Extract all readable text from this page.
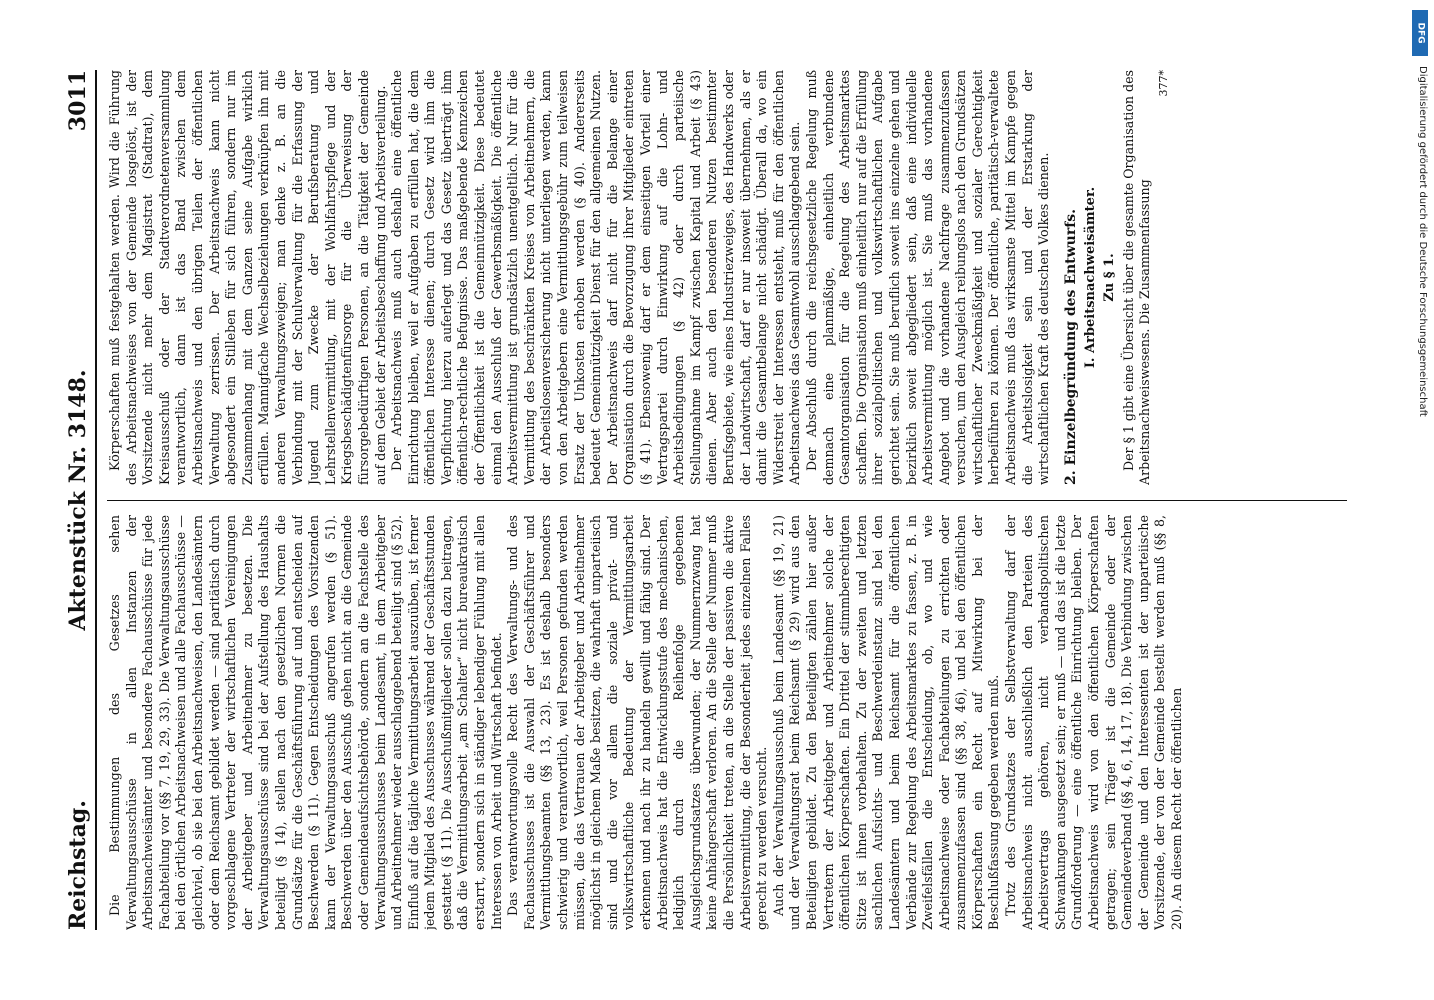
Reichstag.
Aktenstück Nr. 3148.
3011

Die Bestimmungen des Gesetzes sehen Verwaltungsausschüsse in allen Instanzen der Arbeitsnachweisämter und besondere Fachausschüsse für jede Fachabteilung vor (§§ 7, 19, 29, 33). Die Verwaltungsausschüsse bei den örtlichen Arbeitsnachweisen und alle Fachausschüsse — gleichviel, ob sie bei den Arbeitsnachweisen, den Landesämtern oder dem Reichsamt gebildet werden — sind paritätisch durch vorgeschlagene Vertreter der wirtschaftlichen Vereinigungen der Arbeitgeber und Arbeitnehmer zu besetzen. Die Verwaltungsausschüsse sind bei der Aufstellung des Haushalts beteiligt (§ 14), stellen nach den gesetzlichen Normen die Grundsätze für die Geschäftsführung auf und entscheiden auf Beschwerden (§ 11). Gegen Entscheidungen des Vorsitzenden kann der Verwaltungsausschuß angerufen werden (§ 51). Beschwerden über den Ausschuß gehen nicht an die Gemeinde oder Gemeindeaufsichtsbehörde, sondern an die Fachstelle des Verwaltungsausschusses beim Landesamt, in dem Arbeitgeber und Arbeitnehmer wieder ausschlaggebend beteiligt sind (§ 52). Einfluß auf die tägliche Vermittlungsarbeit auszuüben, ist ferner jedem Mitglied des Ausschusses während der Geschäftsstunden gestattet (§ 11). Die Ausschußmitglieder sollen dazu beitragen, daß die Vermittlungsarbeit „am Schalter“ nicht bureaukratisch erstarrt, sondern sich in ständiger lebendiger Fühlung mit allen Interessen von Arbeit und Wirtschaft befindet. Das verantwortungsvolle Recht des Verwaltungs- und des Fachausschusses ist die Auswahl der Geschäftsführer und Vermittlungsbeamten (§§ 13, 23). Es ist deshalb besonders schwierig und verantwortlich, weil Personen gefunden werden müssen, die das Vertrauen der Arbeitgeber und Arbeitnehmer möglichst in gleichem Maße besitzen, die wahrhaft unparteiisch sind und die vor allem die soziale privat- und volkswirtschaftliche Bedeutung der Vermittlungsarbeit erkennen und nach ihr zu handeln gewillt und fähig sind. Der Arbeitsnachweis hat die Entwicklungsstufe des mechanischen, lediglich durch die Reihenfolge gegebenen Ausgleichsgrundsatzes überwunden; der Nummernzwang hat keine Anhängerschaft verloren. An die Stelle der Nummer muß die Persönlichkeit treten, an die Stelle der passiven die aktive Arbeitsvermittlung, die der Besonderheit jedes einzelnen Falles gerecht zu werden versucht. Auch der Verwaltungsausschuß beim Landesamt (§§ 19, 21) und der Verwaltungsrat beim Reichsamt (§ 29) wird aus den Beteiligten gebildet. Zu den Beteiligten zählen hier außer Vertretern der Arbeitgeber und Arbeitnehmer solche der öffentlichen Körperschaften. Ein Drittel der stimmberechtigten Sitze ist ihnen vorbehalten. Zu der zweiten und letzten sachlichen Aufsichts- und Beschwerdeinstanz sind bei den Landesämtern und beim Reichsamt für die öffentlichen Verbände zur Regelung des Arbeitsmarktes zu fassen, z. B. in Zweifelsfällen die Entscheidung, ob, wo und wie Arbeitsnachweise oder Fachabteilungen zu errichten oder zusammenzufassen sind (§§ 38, 46), und bei den öffentlichen Körperschaften ein Recht auf Mitwirkung bei der Beschlußfassung gegeben werden muß. Trotz des Grundsatzes der Selbstverwaltung darf der Arbeitsnachweis nicht ausschließlich den Parteien des Arbeitsvertrags gehören, nicht verbandspolitischen Schwankungen ausgesetzt sein; er muß — und das ist die letzte Grundforderung — eine öffentliche Einrichtung bleiben. Der Arbeitsnachweis wird von den öffentlichen Körperschaften getragen; sein Träger ist die Gemeinde oder der Gemeindeverband (§§ 4, 6, 14, 17, 18). Die Verbindung zwischen der Gemeinde und den Interessenten ist der unparteiische Vorsitzende, der von der Gemeinde bestellt werden muß (§§ 8, 20). An diesem Recht der öffentlichen

Körperschaften muß festgehalten werden. Wird die Führung des Arbeitsnachweises von der Gemeinde losgelöst, ist der Vorsitzende nicht mehr dem Magistrat (Stadtrat), dem Kreisausschuß oder der Stadtverordnetenversammlung verantwortlich, dann ist das Band zwischen dem Arbeitsnachweis und den übrigen Teilen der öffentlichen Verwaltung zerrissen. Der Arbeitsnachweis kann nicht abgesondert ein Stilleben für sich führen, sondern nur im Zusammenhang mit dem Ganzen seine Aufgabe wirklich erfüllen. Mannigfache Wechselbeziehungen verknüpfen ihn mit anderen Verwaltungszweigen; man denke z. B. an die Verbindung mit der Schulverwaltung für die Erfassung der Jugend zum Zwecke der Berufsberatung und Lehrstellenvermittlung, mit der Wohlfahrtspflege und der Kriegsbeschädigtenfürsorge für die Überweisung der fürsorgebedürftigen Personen, an die Tätigkeit der Gemeinde auf dem Gebiet der Arbeitsbeschaffung und Arbeitsverteilung. Der Arbeitsnachweis muß auch deshalb eine öffentliche Einrichtung bleiben, weil er Aufgaben zu erfüllen hat, die dem öffentlichen Interesse dienen; durch Gesetz wird ihm die Verpflichtung hierzu auferlegt und das Gesetz überträgt ihm öffentlich-rechtliche Befugnisse. Das maßgebende Kennzeichen der Öffentlichkeit ist die Gemeinnützigkeit. Diese bedeutet einmal den Ausschluß der Gewerbsmäßigkeit. Die öffentliche Arbeitsvermittlung ist grundsätzlich unentgeltlich. Nur für die Vermittlung des beschränkten Kreises von Arbeitnehmern, die der Arbeitslosenversicherung nicht unterliegen werden, kann von den Arbeitgebern eine Vermittlungsgebühr zum teilweisen Ersatz der Unkosten erhoben werden (§ 40). Andererseits bedeutet Gemeinnützigkeit Dienst für den allgemeinen Nutzen. Der Arbeitsnachweis darf nicht für die Belange einer Organisation durch die Bevorzugung ihrer Mitglieder eintreten (§ 41). Ebensowenig darf er dem einseitigen Vorteil einer Vertragspartei durch Einwirkung auf die Lohn- und Arbeitsbedingungen (§ 42) oder durch parteiische Stellungnahme im Kampf zwischen Kapital und Arbeit (§ 43) dienen. Aber auch den besonderen Nutzen bestimmter Berufsgebiete, wie eines Industriezweiges, des Handwerks oder der Landwirtschaft, darf er nur insoweit übernehmen, als er damit die Gesamtbelange nicht schädigt. Überall da, wo ein Widerstreit der Interessen entsteht, muß für den öffentlichen Arbeitsnachweis das Gesamtwohl ausschlaggebend sein. Der Abschluß durch die reichsgesetzliche Regelung muß demnach eine planmäßige, einheitlich verbundene Gesamtorganisation für die Regelung des Arbeitsmarktes schaffen. Die Organisation muß einheitlich nur auf die Erfüllung ihrer sozialpolitischen und volkswirtschaftlichen Aufgabe gerichtet sein. Sie muß beruflich soweit ins einzelne gehen und bezirklich soweit abgegliedert sein, daß eine individuelle Arbeitsvermittlung möglich ist. Sie muß das vorhandene Angebot und die vorhandene Nachfrage zusammenzufassen versuchen, um den Ausgleich reibungslos nach den Grundsätzen wirtschaftlicher Zweckmäßigkeit und sozialer Gerechtigkeit herbeiführen zu können. Der öffentliche, paritätisch-verwaltete Arbeitsnachweis muß das wirksamste Mittel im Kampfe gegen die Arbeitslosigkeit sein und der Erstarkung der wirtschaftlichen Kraft des deutschen Volkes dienen. 2. Einzelbegründung des Entwurfs. I. Arbeitsnachweisämter. Zu § 1. Der § 1 gibt eine Übersicht über die gesamte Organisation des Arbeitsnachweiswesens. Die Zusammenfassung

377*
DFG
Digitalisierung gefördert durch die Deutsche Forschungsgemeinschaft
